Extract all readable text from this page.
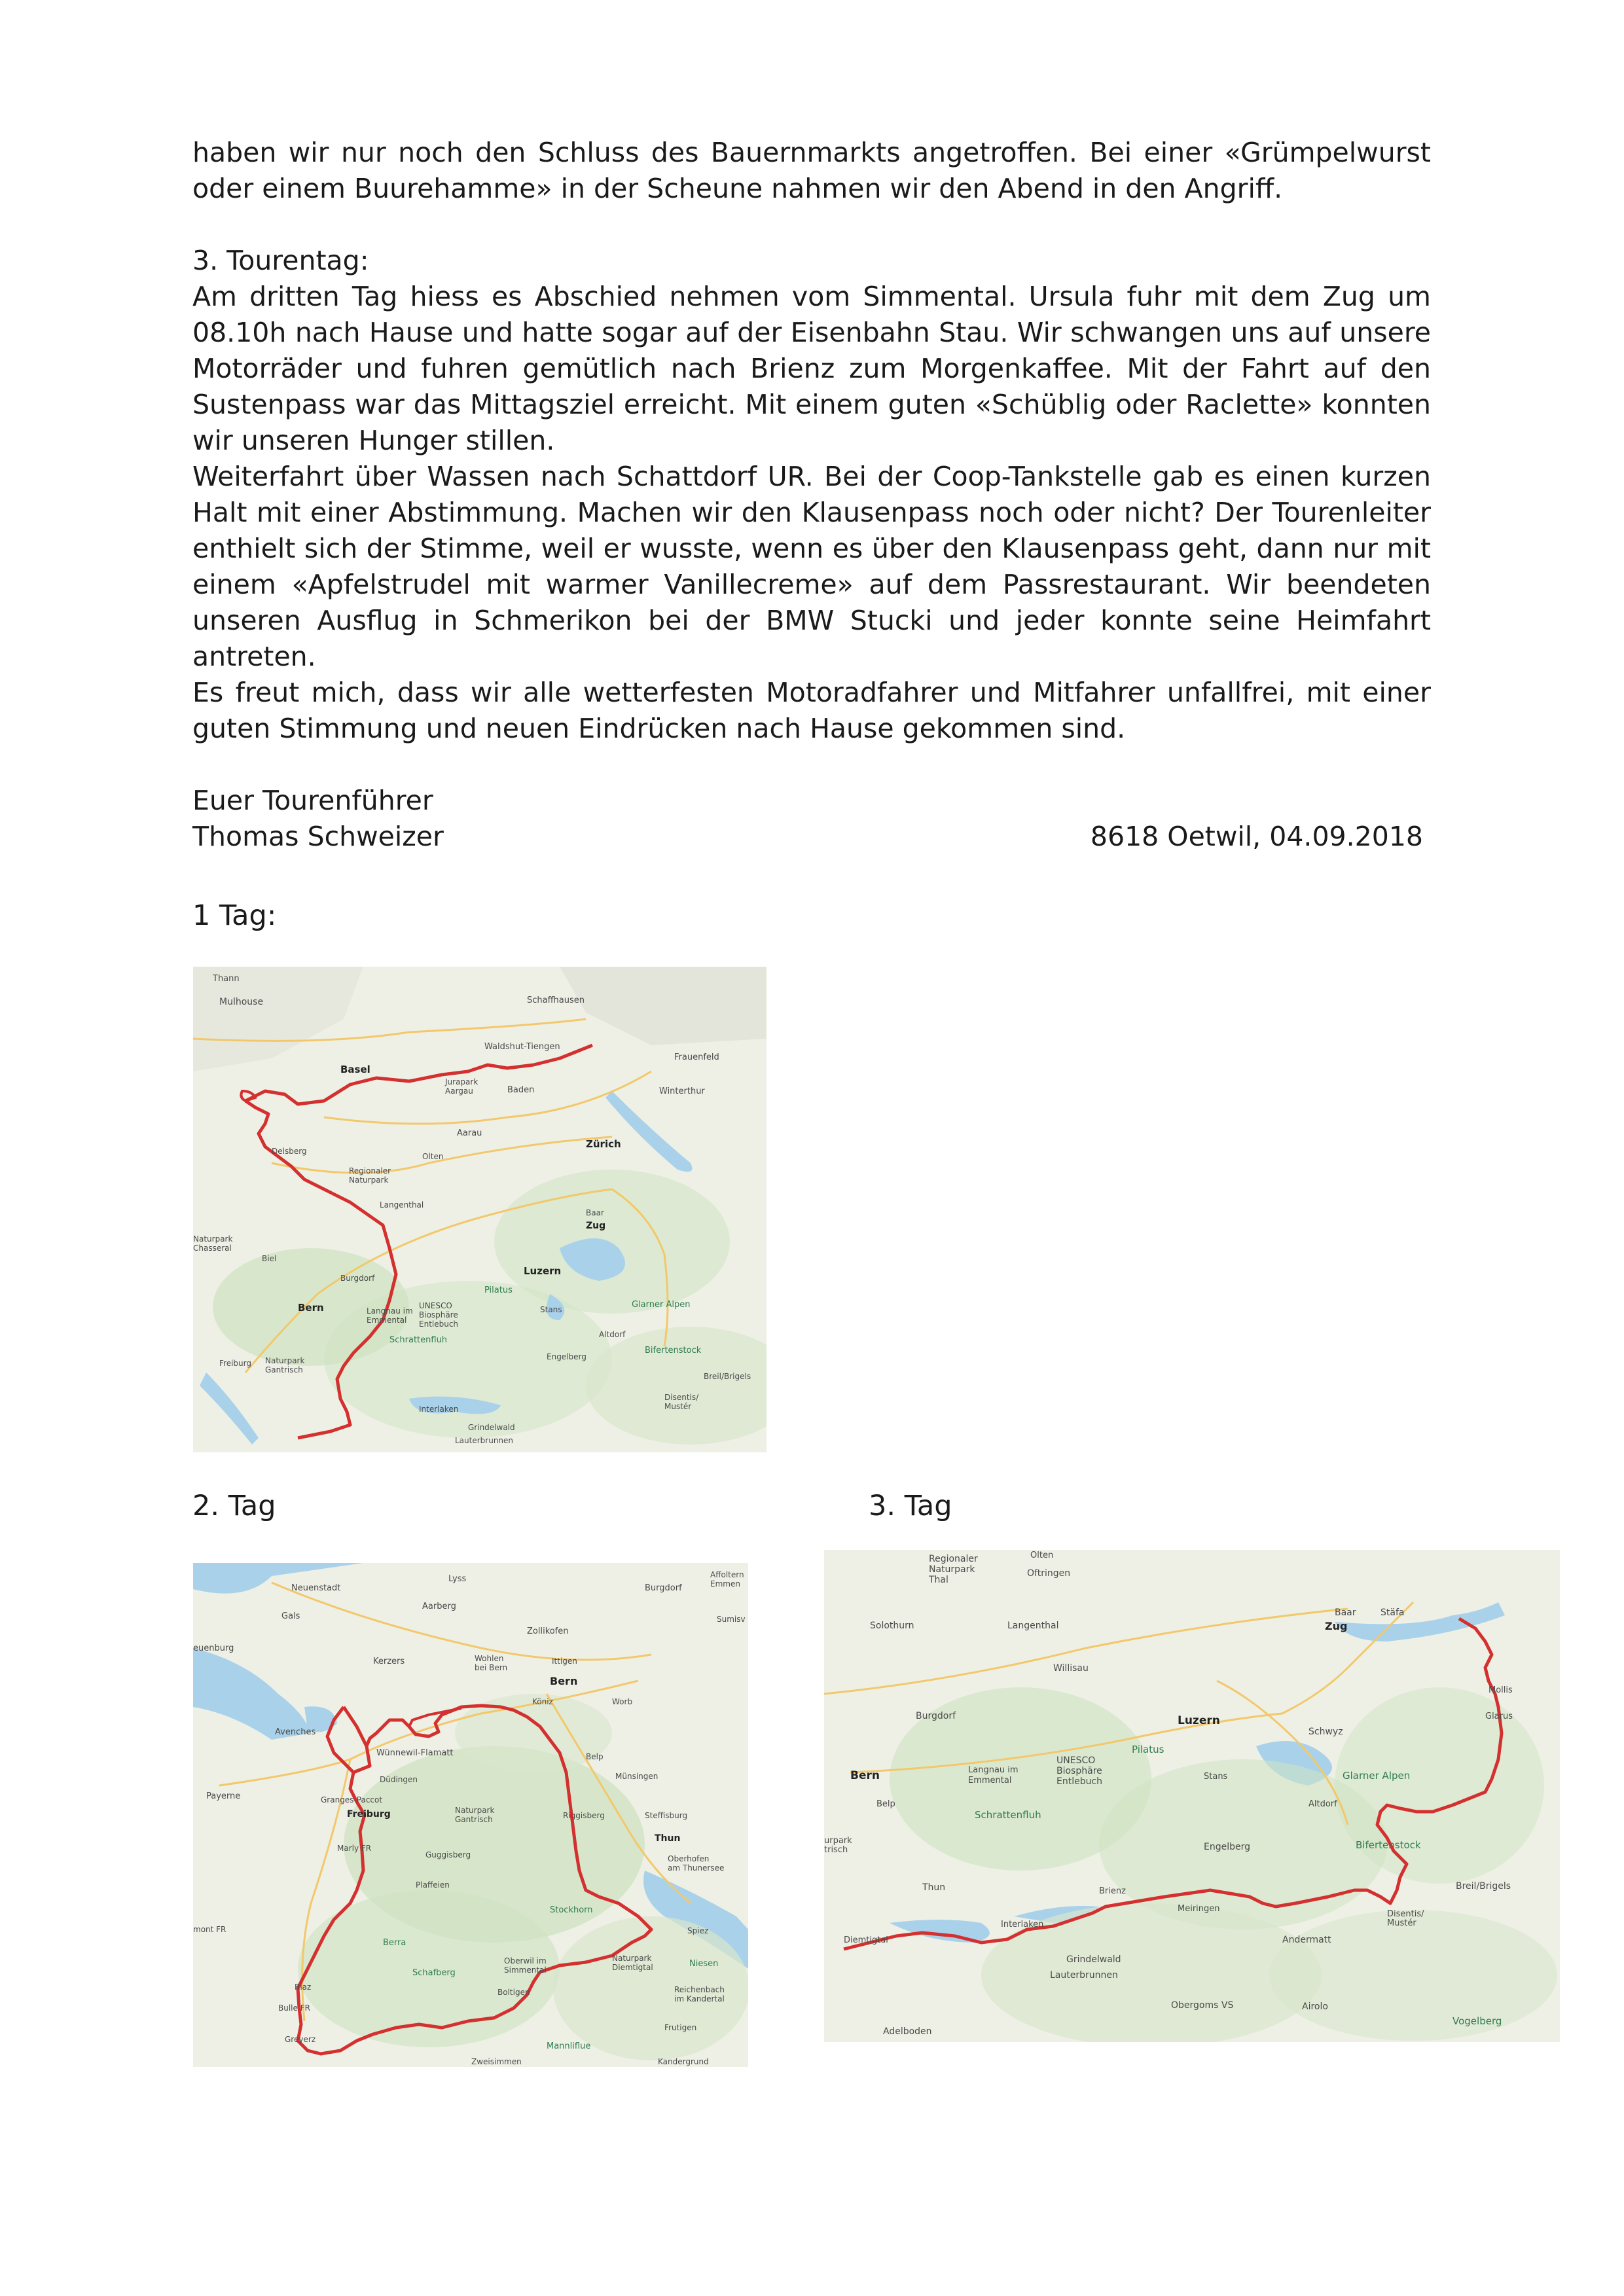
haben wir nur noch den Schluss des Bauernmarkts angetroffen. Bei einer «Grümpelwurst oder einem Buurehamme» in der Scheune nahmen wir den Abend in den Angriff.

3. Tourentag:

Am dritten Tag hiess es Abschied nehmen vom Simmental. Ursula fuhr mit dem Zug um 08.10h nach Hause und hatte sogar auf der Eisenbahn Stau. Wir schwangen uns auf unsere Motorräder und fuhren gemütlich nach Brienz zum Morgenkaffee. Mit der Fahrt auf den Sustenpass war das Mittagsziel erreicht. Mit einem guten «Schüblig oder Raclette» konnten wir unseren Hunger stillen.

Weiterfahrt über Wassen nach Schattdorf UR. Bei der Coop-Tankstelle gab es einen kurzen Halt mit einer Abstimmung. Machen wir den Klausenpass noch oder nicht? Der Tourenleiter enthielt sich der Stimme, weil er wusste, wenn es über den Klausenpass geht, dann nur mit einem «Apfelstrudel mit warmer Vanillecreme» auf dem Passrestaurant. Wir beendeten unseren Ausflug in Schmerikon bei der BMW Stucki und jeder konnte seine Heimfahrt antreten.

Es freut mich, dass wir alle wetterfesten Motoradfahrer und Mitfahrer unfallfrei, mit einer guten Stimmung und neuen Eindrücken nach Hause gekommen sind.

Euer Tourenführer

Thomas Schweizer	8618 Oetwil, 04.09.2018
1 Tag:
Thann
Mulhouse	Schaffhausen
Waldshut-Tiengen
Frauenfeld
Winterthur
Basel
Baden
Jurapark
Aargau
Aarau
Zürich
Olten
Delsberg
Regionaler
Naturpark
Langenthal
Baar
Zug
Naturpark
Chasseral
Biel
Burgdorf
Luzern
Pilatus
Bern	UNESCO
Biosphäre
Entlebuch
Langnau im
Emmental
Stans	Glarner Alpen
Schrattenfluh
Altdorf
Bifertenstock
Freiburg Naturpark
Gantrisch
Engelberg
Breil/Brigels
Disentis/
Mustér
Interlaken
Grindelwald
Lauterbrunnen
2. Tag	3. Tag
Neuenstadt
Lyss
Aarberg
Burgdorf
Affoltern
Emmen
Gals
Zollikofen
Sumisv
euenburg
Kerzers	Wohlen
bei Bern
Ittigen
Bern
Köniz	Worb
Avenches
Wünnewil-Flamatt	Belp
Münsingen
Düdingen
Payerne	Granges-Paccot
Freiburg	Naturpark
Gantrisch	Riggisberg	Steffisburg
Thun
Marly FR
Guggisberg	Oberhofen
am Thunersee
Plaffeien
Stockhorn
mont FR	Spiez
Berra
Oberwil im
Simmental
Naturpark
Diemtigtal	Niesen
Schafberg
Riaz
Boltigen	Reichenbach
im Kandertal
Bulle FR
Frutigen
Greyerz
Mannliflue
Zweisimmen	Kandergrund
Regionaler
Naturpark
Thal
Olten
Oftringen
Baar
Zug
Stäfa
Solothurn	Langenthal
Willisau
Mollis
Glarus
Burgdorf	Luzern
Pilatus
Schwyz
Bern	Langnau im
Emmental
UNESCO
Biosphäre
Entlebuch	Stans	Glarner Alpen
Belp	Altdorf
Schrattenfluh
Bifertenstock
urpark
trisch	Engelberg
Breil/Brigels
Thun	Brienz
Meiringen
Disentis/
Mustér
Interlaken
Diemtigtal	Andermatt
Grindelwald
Lauterbrunnen
Obergoms VS	Airolo
Vogelberg
Adelboden
